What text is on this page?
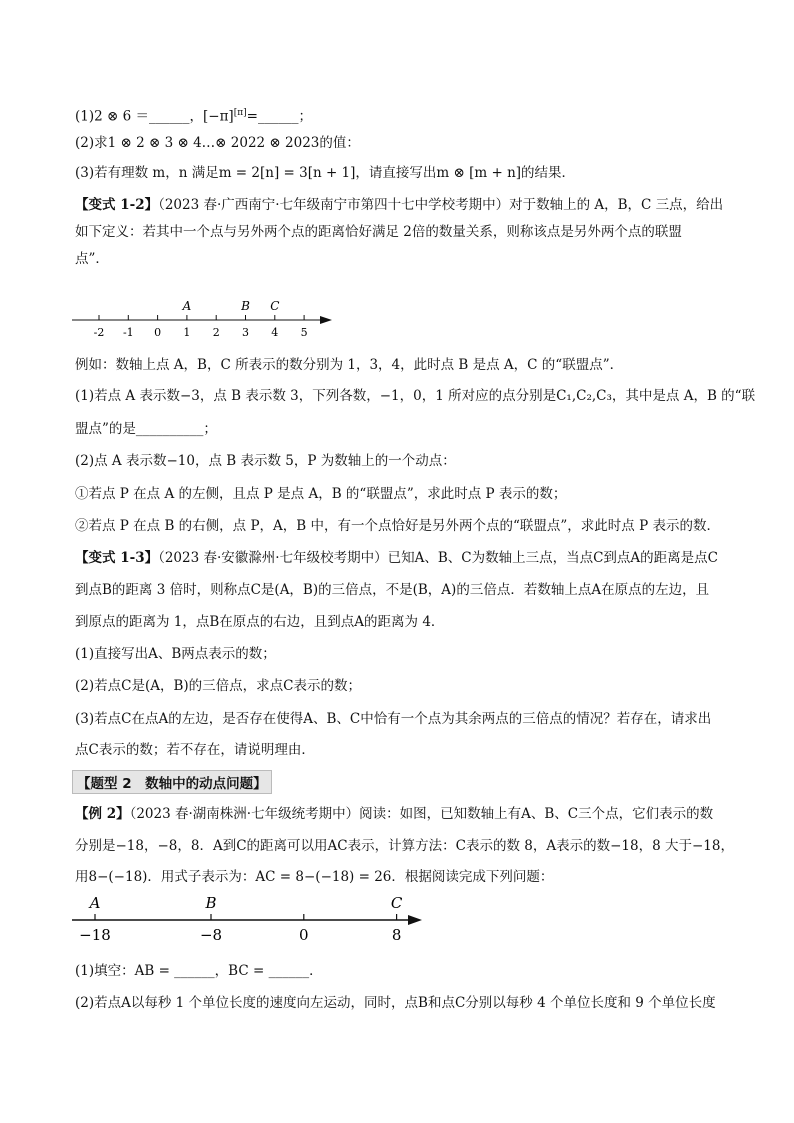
(1)2 ⊗ 6 ＝______，[−π][π]=______；
(2)求1 ⊗ 2 ⊗ 3 ⊗ 4…⊗ 2022 ⊗ 2023的值：
(3)若有理数 m，n 满足m = 2[n] = 3[n + 1]，请直接写出m ⊗ [m + n]的结果．
【变式 1-2】（2023 春·广西南宁·七年级南宁市第四十七中学校考期中）对于数轴上的 A，B，C 三点，给出
如下定义：若其中一个点与另外两个点的距离恰好满足 2倍的数量关系，则称该点是另外两个点的联盟
点”．
-2 -1 0 1 2 3 4 5
A	B C
例如：数轴上点 A，B，C 所表示的数分别为 1，3，4，此时点 B 是点 A，C 的“联盟点”．
(1)若点 A 表示数−3，点 B 表示数 3，下列各数，−1，0，1 所对应的点分别是C₁,C₂,C₃，其中是点 A，B 的“联
盟点”的是__________；
(2)点 A 表示数−10，点 B 表示数 5，P 为数轴上的一个动点：
①若点 P 在点 A 的左侧，且点 P 是点 A，B 的“联盟点”，求此时点 P 表示的数；
②若点 P 在点 B 的右侧，点 P，A，B 中，有一个点恰好是另外两个点的“联盟点”，求此时点 P 表示的数．
【变式 1-3】（2023 春·安徽滁州·七年级校考期中）已知A、B、C为数轴上三点，当点C到点A的距离是点C
到点B的距离 3 倍时，则称点C是(A，B)的三倍点，不是(B，A)的三倍点．若数轴上点A在原点的左边，且
到原点的距离为 1，点B在原点的右边，且到点A的距离为 4．
(1)直接写出A、B两点表示的数；
(2)若点C是(A，B)的三倍点，求点C表示的数；
(3)若点C在点A的左边，是否存在使得A、B、C中恰有一个点为其余两点的三倍点的情况？若存在，请求出
点C表示的数；若不存在，请说明理由．
【题型 2　数轴中的动点问题】
【例 2】（2023 春·湖南株洲·七年级统考期中）阅读：如图，已知数轴上有A、B、C三个点，它们表示的数
分别是−18，−8，8．A到C的距离可以用AC表示，计算方法：C表示的数 8，A表示的数−18，8 大于−18，
用8−(−18)．用式子表示为：AC = 8−(−18) = 26．根据阅读完成下列问题：
−18	−8	0	8
A	B	C
(1)填空：AB = ______，BC = ______．
(2)若点A以每秒 1 个单位长度的速度向左运动，同时，点B和点C分别以每秒 4 个单位长度和 9 个单位长度
